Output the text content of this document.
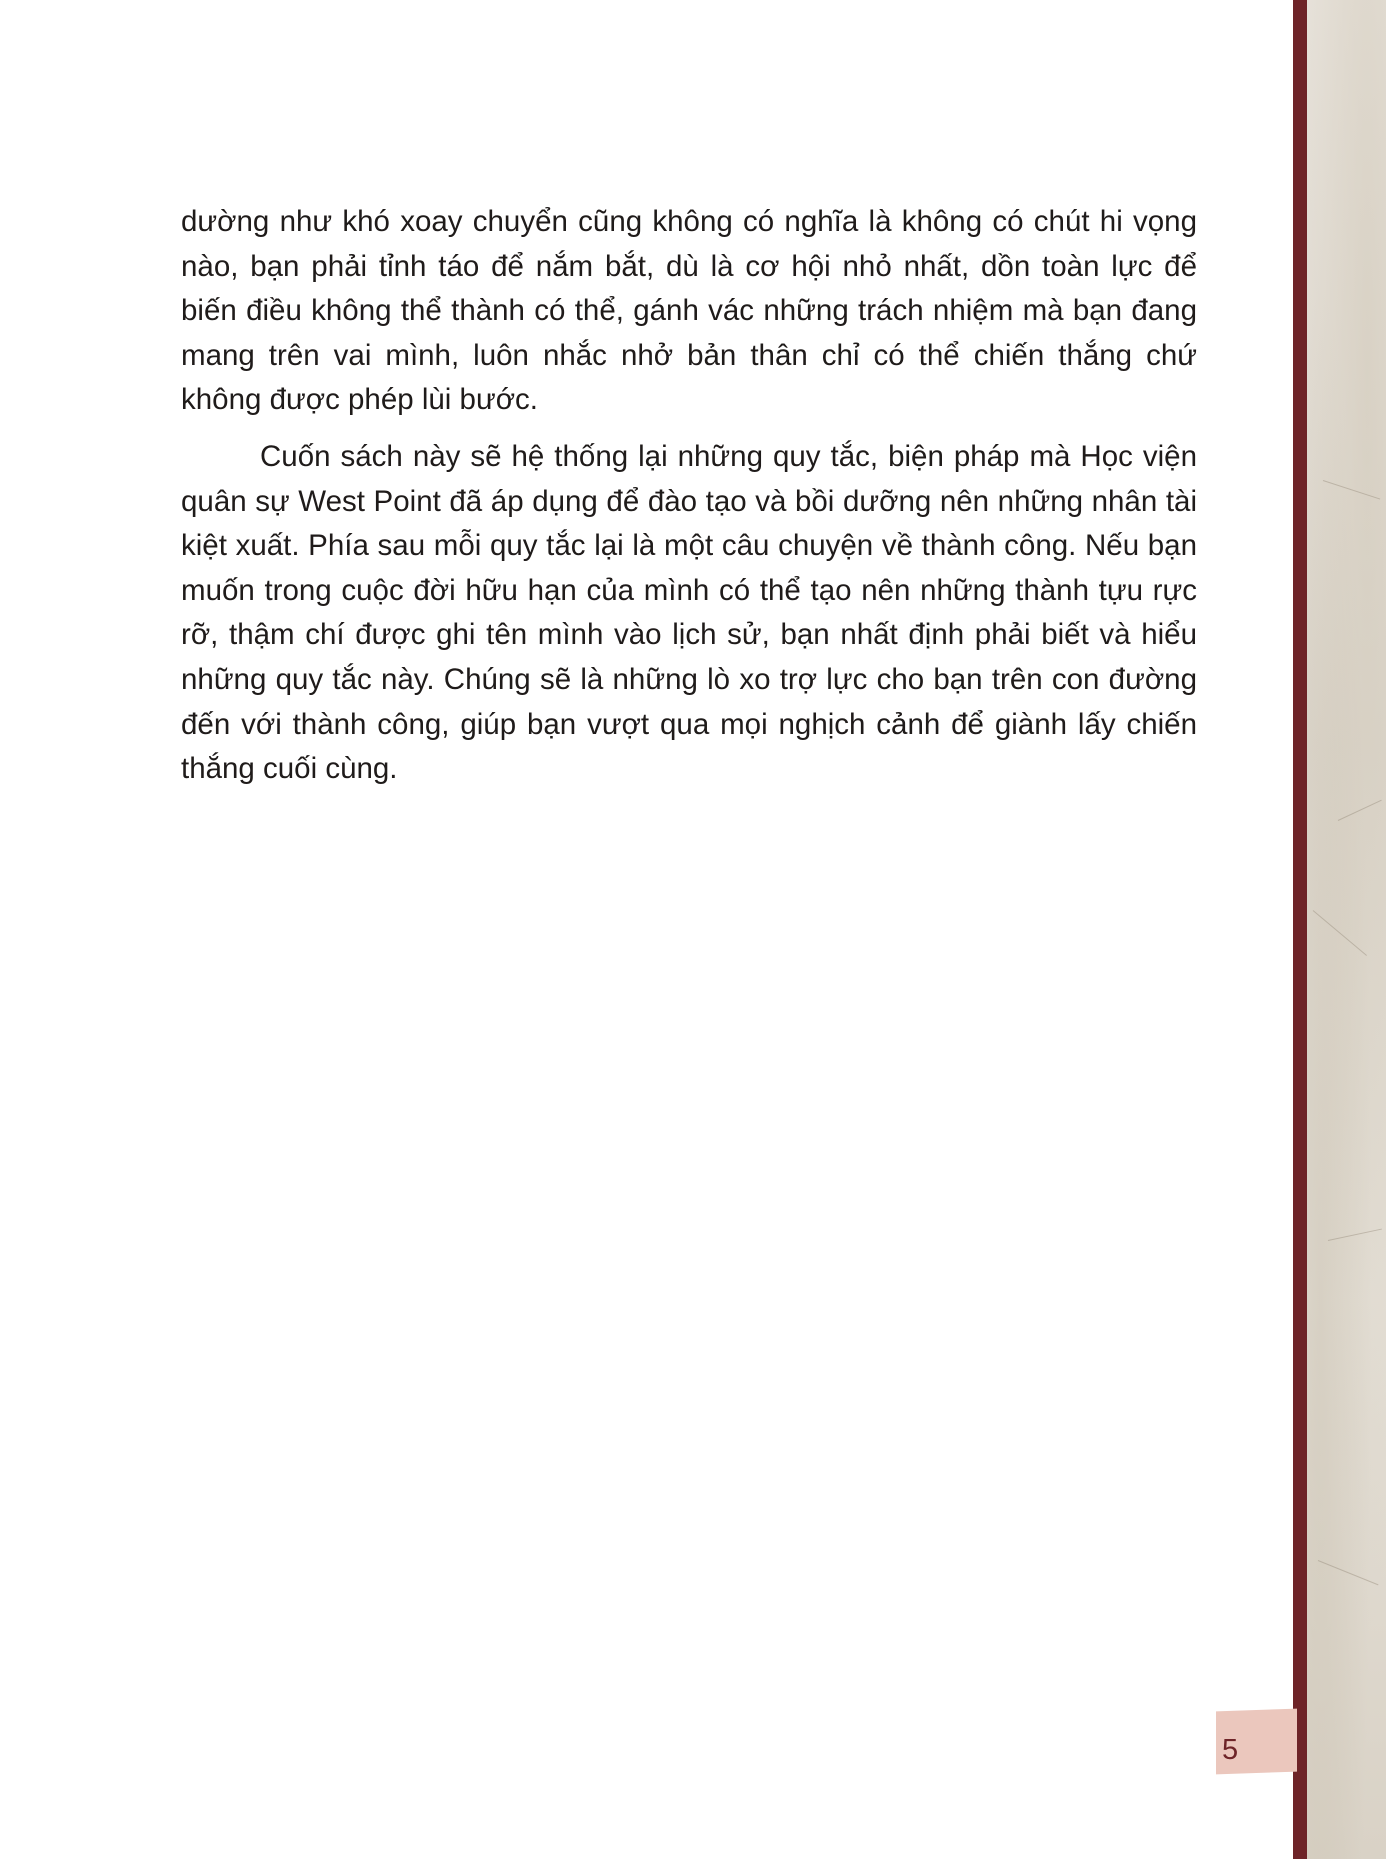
dường như khó xoay chuyển cũng không có nghĩa là không có chút hi vọng nào, bạn phải tỉnh táo để nắm bắt, dù là cơ hội nhỏ nhất, dồn toàn lực để biến điều không thể thành có thể, gánh vác những trách nhiệm mà bạn đang mang trên vai mình, luôn nhắc nhở bản thân chỉ có thể chiến thắng chứ không được phép lùi bước.

Cuốn sách này sẽ hệ thống lại những quy tắc, biện pháp mà Học viện quân sự West Point đã áp dụng để đào tạo và bồi dưỡng nên những nhân tài kiệt xuất. Phía sau mỗi quy tắc lại là một câu chuyện về thành công. Nếu bạn muốn trong cuộc đời hữu hạn của mình có thể tạo nên những thành tựu rực rỡ, thậm chí được ghi tên mình vào lịch sử, bạn nhất định phải biết và hiểu những quy tắc này. Chúng sẽ là những lò xo trợ lực cho bạn trên con đường đến với thành công, giúp bạn vượt qua mọi nghịch cảnh để giành lấy chiến thắng cuối cùng.

5
